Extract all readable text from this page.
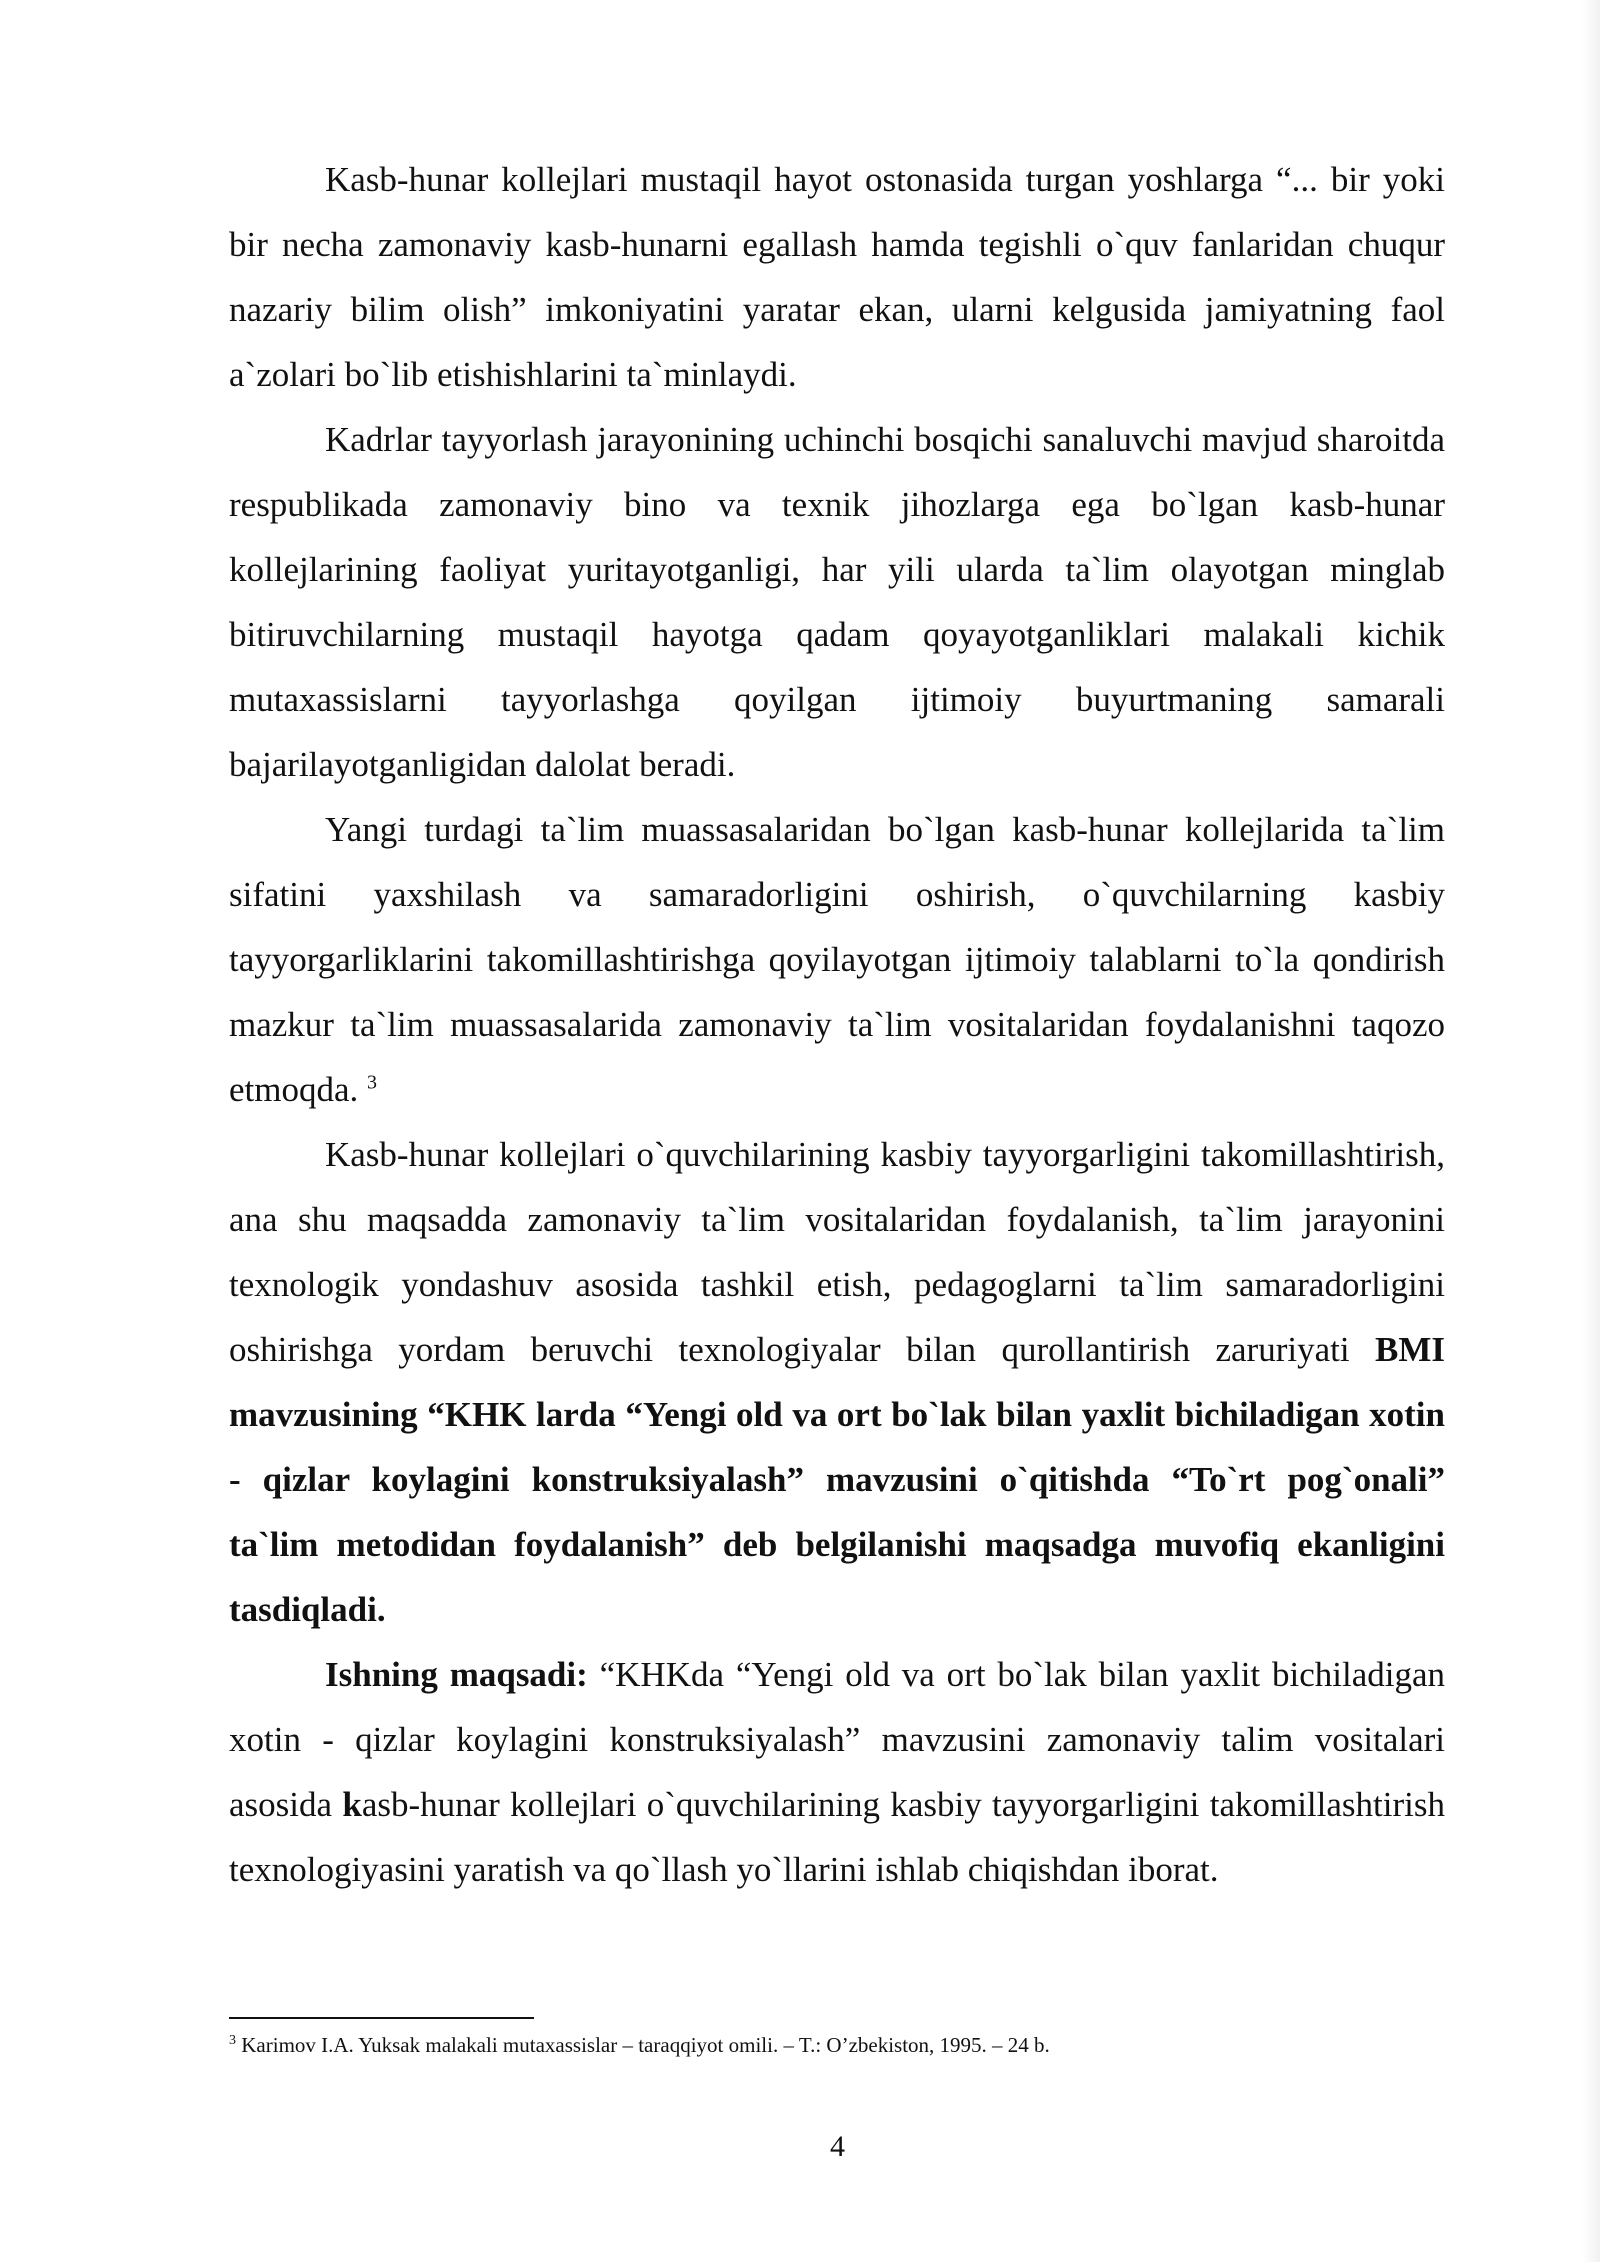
Kasb-hunar kollejlari mustaqil hayot ostonasida turgan yoshlarga “... bir yoki bir necha zamonaviy kasb-hunarni egallash hamda tegishli o`quv fanlaridan chuqur nazariy bilim olish” imkoniyatini yaratar ekan, ularni kelgusida jamiyatning faol a`zolari bo`lib etishishlarini ta`minlaydi.

Kadrlar tayyorlash jarayonining uchinchi bosqichi sanaluvchi mavjud sharoitda respublikada zamonaviy bino va texnik jihozlarga ega bo`lgan kasb-hunar kollejlarining faoliyat yuritayotganligi, har yili ularda ta`lim olayotgan minglab bitiruvchilarning mustaqil hayotga qadam qoyayotganliklari malakali kichik mutaxassislarni tayyorlashga qoyilgan ijtimoiy buyurtmaning samarali bajarilayotganligidan dalolat beradi.

Yangi turdagi ta`lim muassasalaridan bo`lgan kasb-hunar kollejlarida ta`lim sifatini yaxshilash va samaradorligini oshirish, o`quvchilarning kasbiy tayyorgarliklarini takomillashtirishga qoyilayotgan ijtimoiy talablarni to`la qondirish mazkur ta`lim muassasalarida zamonaviy ta`lim vositalaridan foydalanishni taqozo etmoqda. $^3$

Kasb-hunar kollejlari o`quvchilarining kasbiy tayyorgarligini takomillashtirish, ana shu maqsadda zamonaviy ta`lim vositalaridan foydalanish, ta`lim jarayonini texnologik yondashuv asosida tashkil etish, pedagoglarni ta`lim samaradorligini oshirishga yordam beruvchi texnologiyalar bilan qurollantirish zaruriyati BMI mavzusining “KHK larda “Yengi old va ort bo`lak bilan yaxlit bichiladigan xotin - qizlar koylagini konstruksiyalash” mavzusini o`qitishda “To`rt pog`onali” ta`lim metodidan foydalanish” deb belgilanishi maqsadga muvofiq ekanligini tasdiqladi.

Ishning maqsadi: “KHKda “Yengi old va ort bo`lak bilan yaxlit bichiladigan xotin - qizlar koylagini konstruksiyalash” mavzusini zamonaviy talim vositalari asosida kasb-hunar kollejlari o`quvchilarining kasbiy tayyorgarligini takomillashtirish texnologiyasini yaratish va qo`llash yo`llarini ishlab chiqishdan iborat.

$^3$ Karimov I.A. Yuksak malakali mutaxassislar – taraqqiyot omili. – T.: O’zbekiston, 1995. – 24 b.

4
